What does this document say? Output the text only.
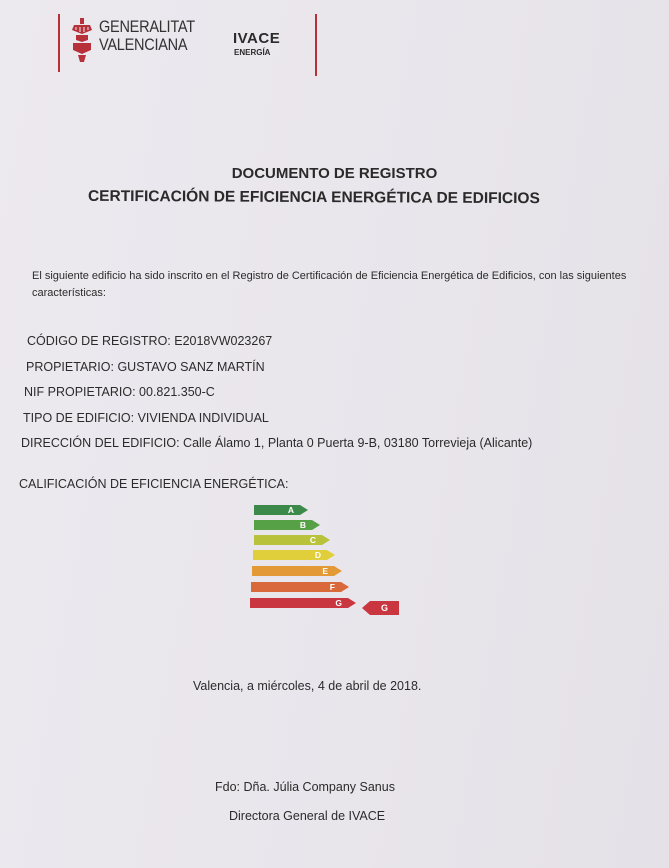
GENERALITAT
VALENCIANA	IVACE
ENERGÍA
DOCUMENTO DE REGISTRO
CERTIFICACIÓN DE EFICIENCIA ENERGÉTICA DE EDIFICIOS
El siguiente edificio ha sido inscrito en el Registro de Certificación de Eficiencia Energética de Edificios, con las siguientes características:
CÓDIGO DE REGISTRO: E2018VW023267
PROPIETARIO: GUSTAVO SANZ MARTÍN
NIF PROPIETARIO: 00.821.350-C
TIPO DE EDIFICIO: VIVIENDA INDIVIDUAL
DIRECCIÓN DEL EDIFICIO: Calle Álamo 1, Planta 0 Puerta 9-B, 03180 Torrevieja (Alicante)
CALIFICACIÓN DE EFICIENCIA ENERGÉTICA:
A
B
C
D
E
F
G	G
Valencia, a miércoles, 4 de abril de 2018.
Fdo: Dña. Júlia Company Sanus
Directora General de IVACE
